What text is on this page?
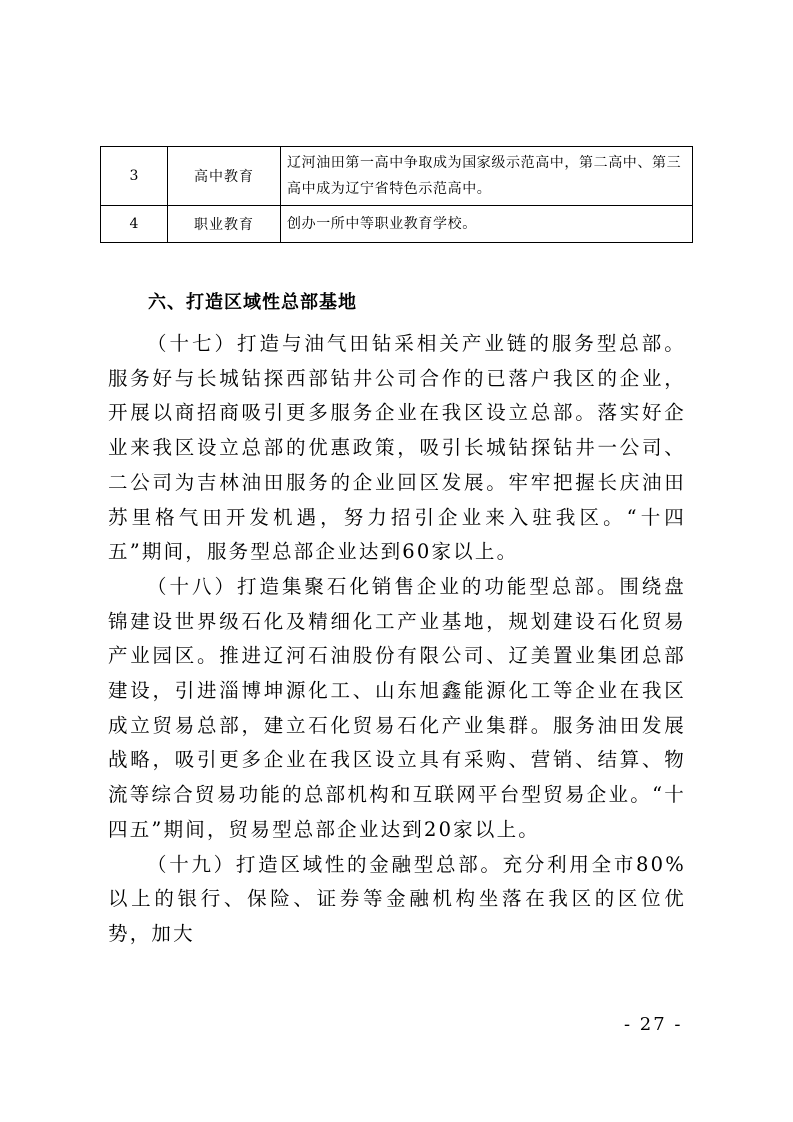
3	高中教育	辽河油田第一高中争取成为国家级示范高中，第二高中、第三高中成为辽宁省特色示范高中。
4	职业教育	创办一所中等职业教育学校。
六、打造区域性总部基地

（十七）打造与油气田钻采相关产业链的服务型总部。服务好与长城钻探西部钻井公司合作的已落户我区的企业，开展以商招商吸引更多服务企业在我区设立总部。落实好企业来我区设立总部的优惠政策，吸引长城钻探钻井一公司、二公司为吉林油田服务的企业回区发展。牢牢把握长庆油田苏里格气田开发机遇，努力招引企业来入驻我区。“十四五”期间，服务型总部企业达到60家以上。

（十八）打造集聚石化销售企业的功能型总部。围绕盘锦建设世界级石化及精细化工产业基地，规划建设石化贸易产业园区。推进辽河石油股份有限公司、辽美置业集团总部建设，引进淄博坤源化工、山东旭鑫能源化工等企业在我区成立贸易总部，建立石化贸易石化产业集群。服务油田发展战略，吸引更多企业在我区设立具有采购、营销、结算、物流等综合贸易功能的总部机构和互联网平台型贸易企业。“十四五”期间，贸易型总部企业达到20家以上。

（十九）打造区域性的金融型总部。充分利用全市80%以上的银行、保险、证券等金融机构坐落在我区的区位优势，加大

- 27 -
